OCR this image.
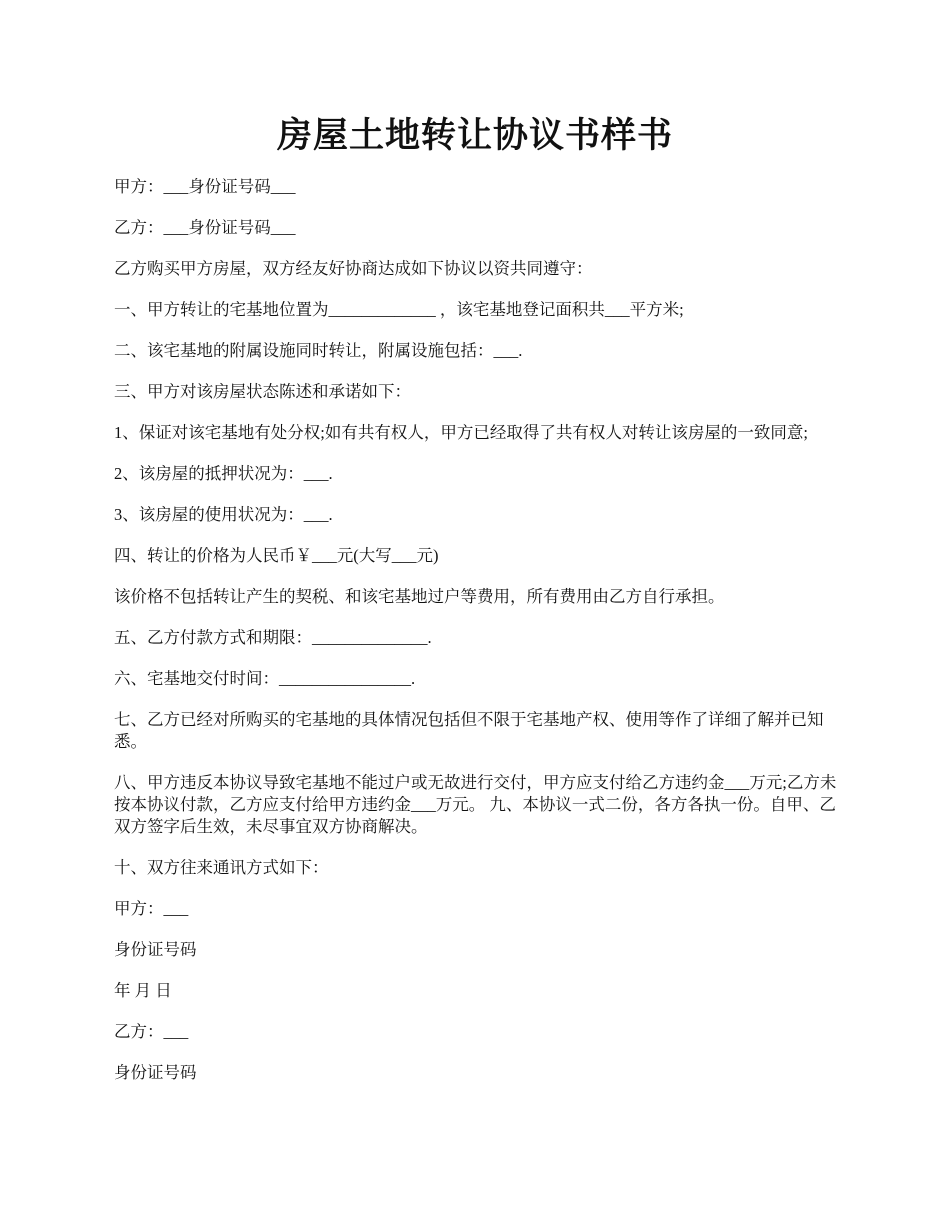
房屋土地转让协议书样书

甲方：___身份证号码___

乙方：___身份证号码___

乙方购买甲方房屋，双方经友好协商达成如下协议以资共同遵守：

一、甲方转让的宅基地位置为_____________ ，该宅基地登记面积共___平方米;

二、该宅基地的附属设施同时转让，附属设施包括：___.

三、甲方对该房屋状态陈述和承诺如下：

1、保证对该宅基地有处分权;如有共有权人，甲方已经取得了共有权人对转让该房屋的一致同意;

2、该房屋的抵押状况为：___.

3、该房屋的使用状况为：___.

四、转让的价格为人民币￥___元(大写___元)

该价格不包括转让产生的契税、和该宅基地过户等费用，所有费用由乙方自行承担。

五、乙方付款方式和期限：______________.

六、宅基地交付时间：________________.

七、乙方已经对所购买的宅基地的具体情况包括但不限于宅基地产权、使用等作了详细了解并已知悉。

八、甲方违反本协议导致宅基地不能过户或无故进行交付，甲方应支付给乙方违约金___万元;乙方未按本协议付款，乙方应支付给甲方违约金___万元。 九、本协议一式二份，各方各执一份。自甲、乙双方签字后生效，未尽事宜双方协商解决。

十、双方往来通讯方式如下：

甲方：___

身份证号码

年 月 日

乙方：___

身份证号码
